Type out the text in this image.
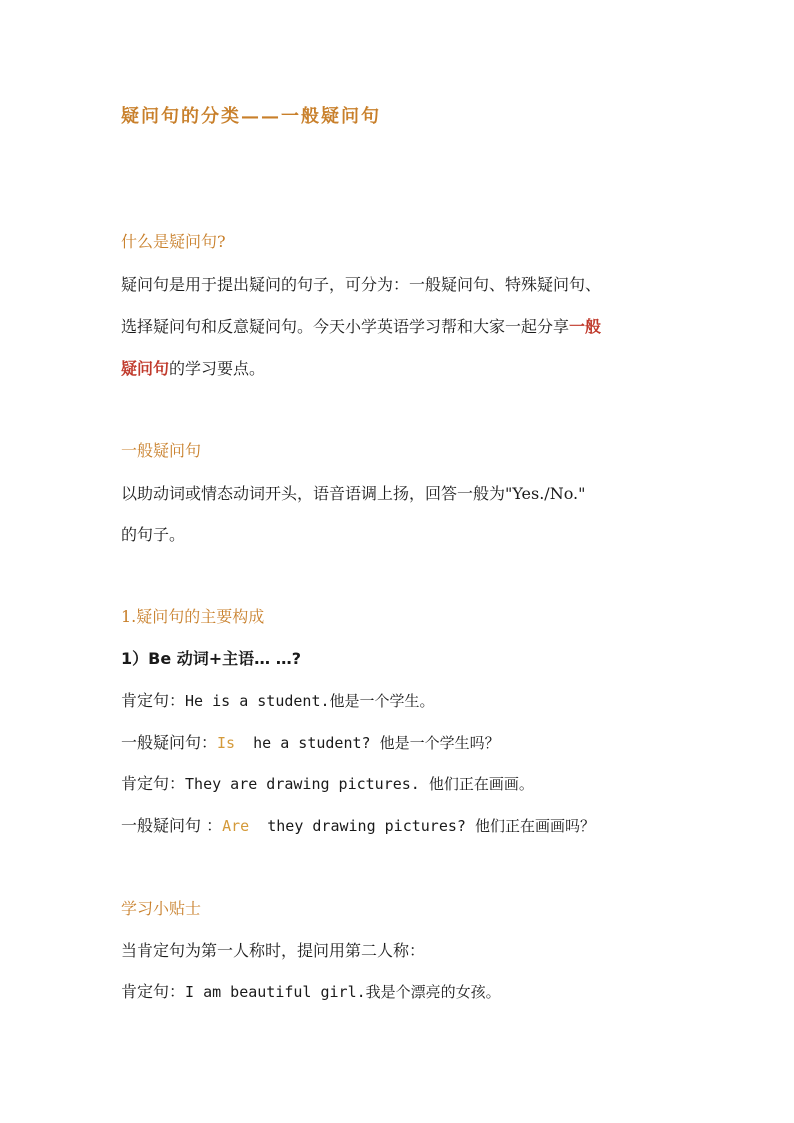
疑问句的分类——一般疑问句
什么是疑问句?
疑问句是用于提出疑问的句子，可分为：一般疑问句、特殊疑问句、
选择疑问句和反意疑问句。今天小学英语学习帮和大家一起分享一般
疑问句的学习要点。
一般疑问句
以助动词或情态动词开头，语音语调上扬，回答一般为"Yes./No."
的句子。
1.疑问句的主要构成
1）Be 动词+主语… …?
肯定句：He is a student.他是一个学生。
一般疑问句：Is  he a student? 他是一个学生吗？
肯定句：They are drawing pictures. 他们正在画画。
一般疑问句 ：Are  they drawing pictures? 他们正在画画吗？
学习小贴士
当肯定句为第一人称时，提问用第二人称：
肯定句：I am beautiful girl.我是个漂亮的女孩。
